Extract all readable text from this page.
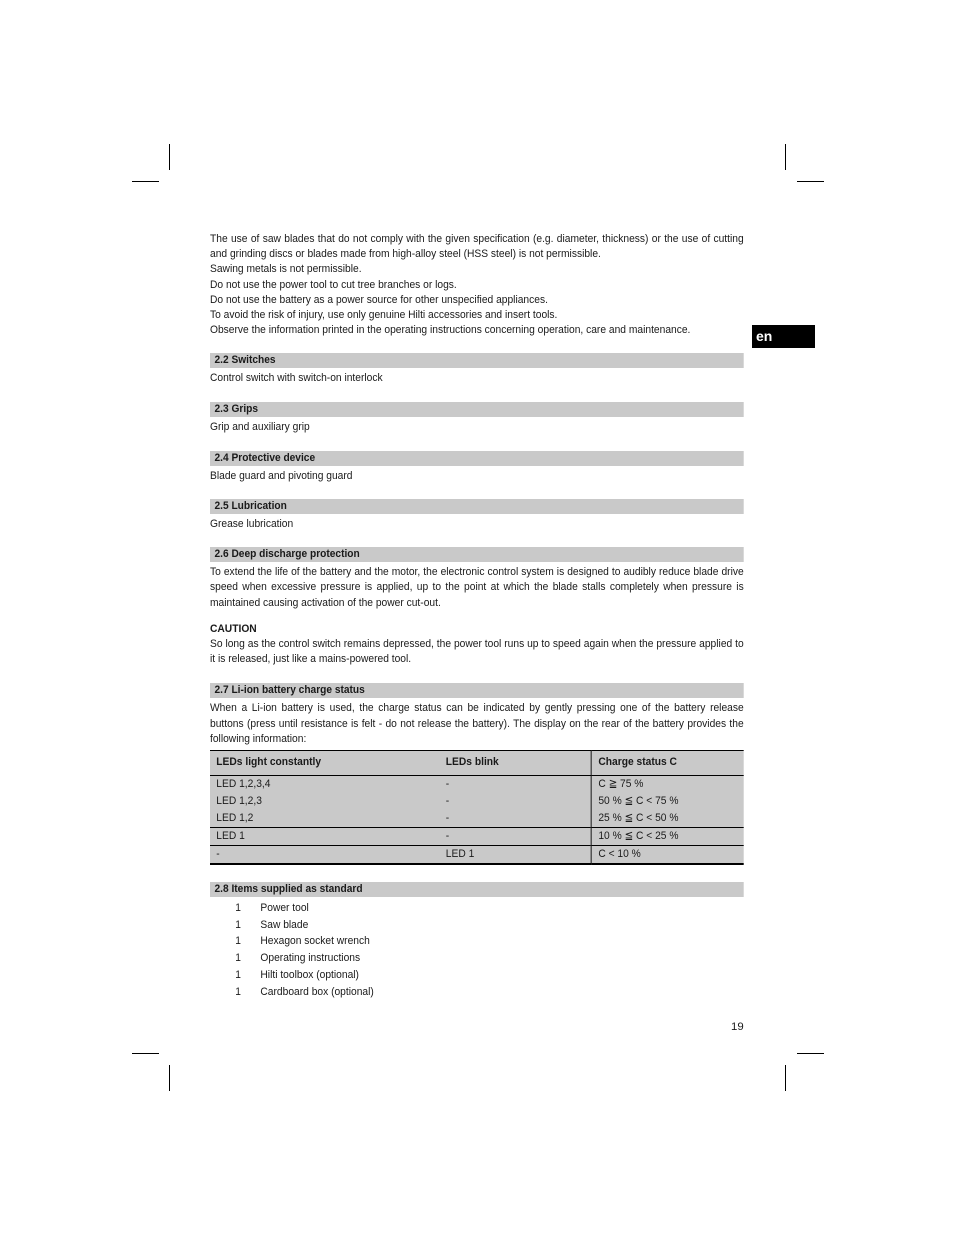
en

The use of saw blades that do not comply with the given specification (e.g. diameter, thickness) or the use of cutting and grinding discs or blades made from high-alloy steel (HSS steel) is not permissible.

Sawing metals is not permissible.

Do not use the power tool to cut tree branches or logs.

Do not use the battery as a power source for other unspecified appliances.

To avoid the risk of injury, use only genuine Hilti accessories and insert tools.

Observe the information printed in the operating instructions concerning operation, care and maintenance.

2.2 Switches

Control switch with switch-on interlock

2.3 Grips

Grip and auxiliary grip

2.4 Protective device

Blade guard and pivoting guard

2.5 Lubrication

Grease lubrication

2.6 Deep discharge protection

To extend the life of the battery and the motor, the electronic control system is designed to audibly reduce blade drive speed when excessive pressure is applied, up to the point at which the blade stalls completely when pressure is maintained causing activation of the power cut-out.

CAUTION

So long as the control switch remains depressed, the power tool runs up to speed again when the pressure applied to it is released, just like a mains-powered tool.

2.7 Li-ion battery charge status

When a Li-ion battery is used, the charge status can be indicated by gently pressing one of the battery release buttons (press until resistance is felt - do not release the battery). The display on the rear of the battery provides the following information:

LEDs light constantly	LEDs blink	Charge status C
LED 1,2,3,4	-	C ≧ 75 %
LED 1,2,3	-	50 % ≦ C < 75 %
LED 1,2	-	25 % ≦ C < 50 %
LED 1	-	10 % ≦ C < 25 %
-	LED 1	C < 10 %
2.8 Items supplied as standard
1	Power tool
1	Saw blade
1	Hexagon socket wrench
1	Operating instructions
1	Hilti toolbox (optional)
1	Cardboard box (optional)
19
